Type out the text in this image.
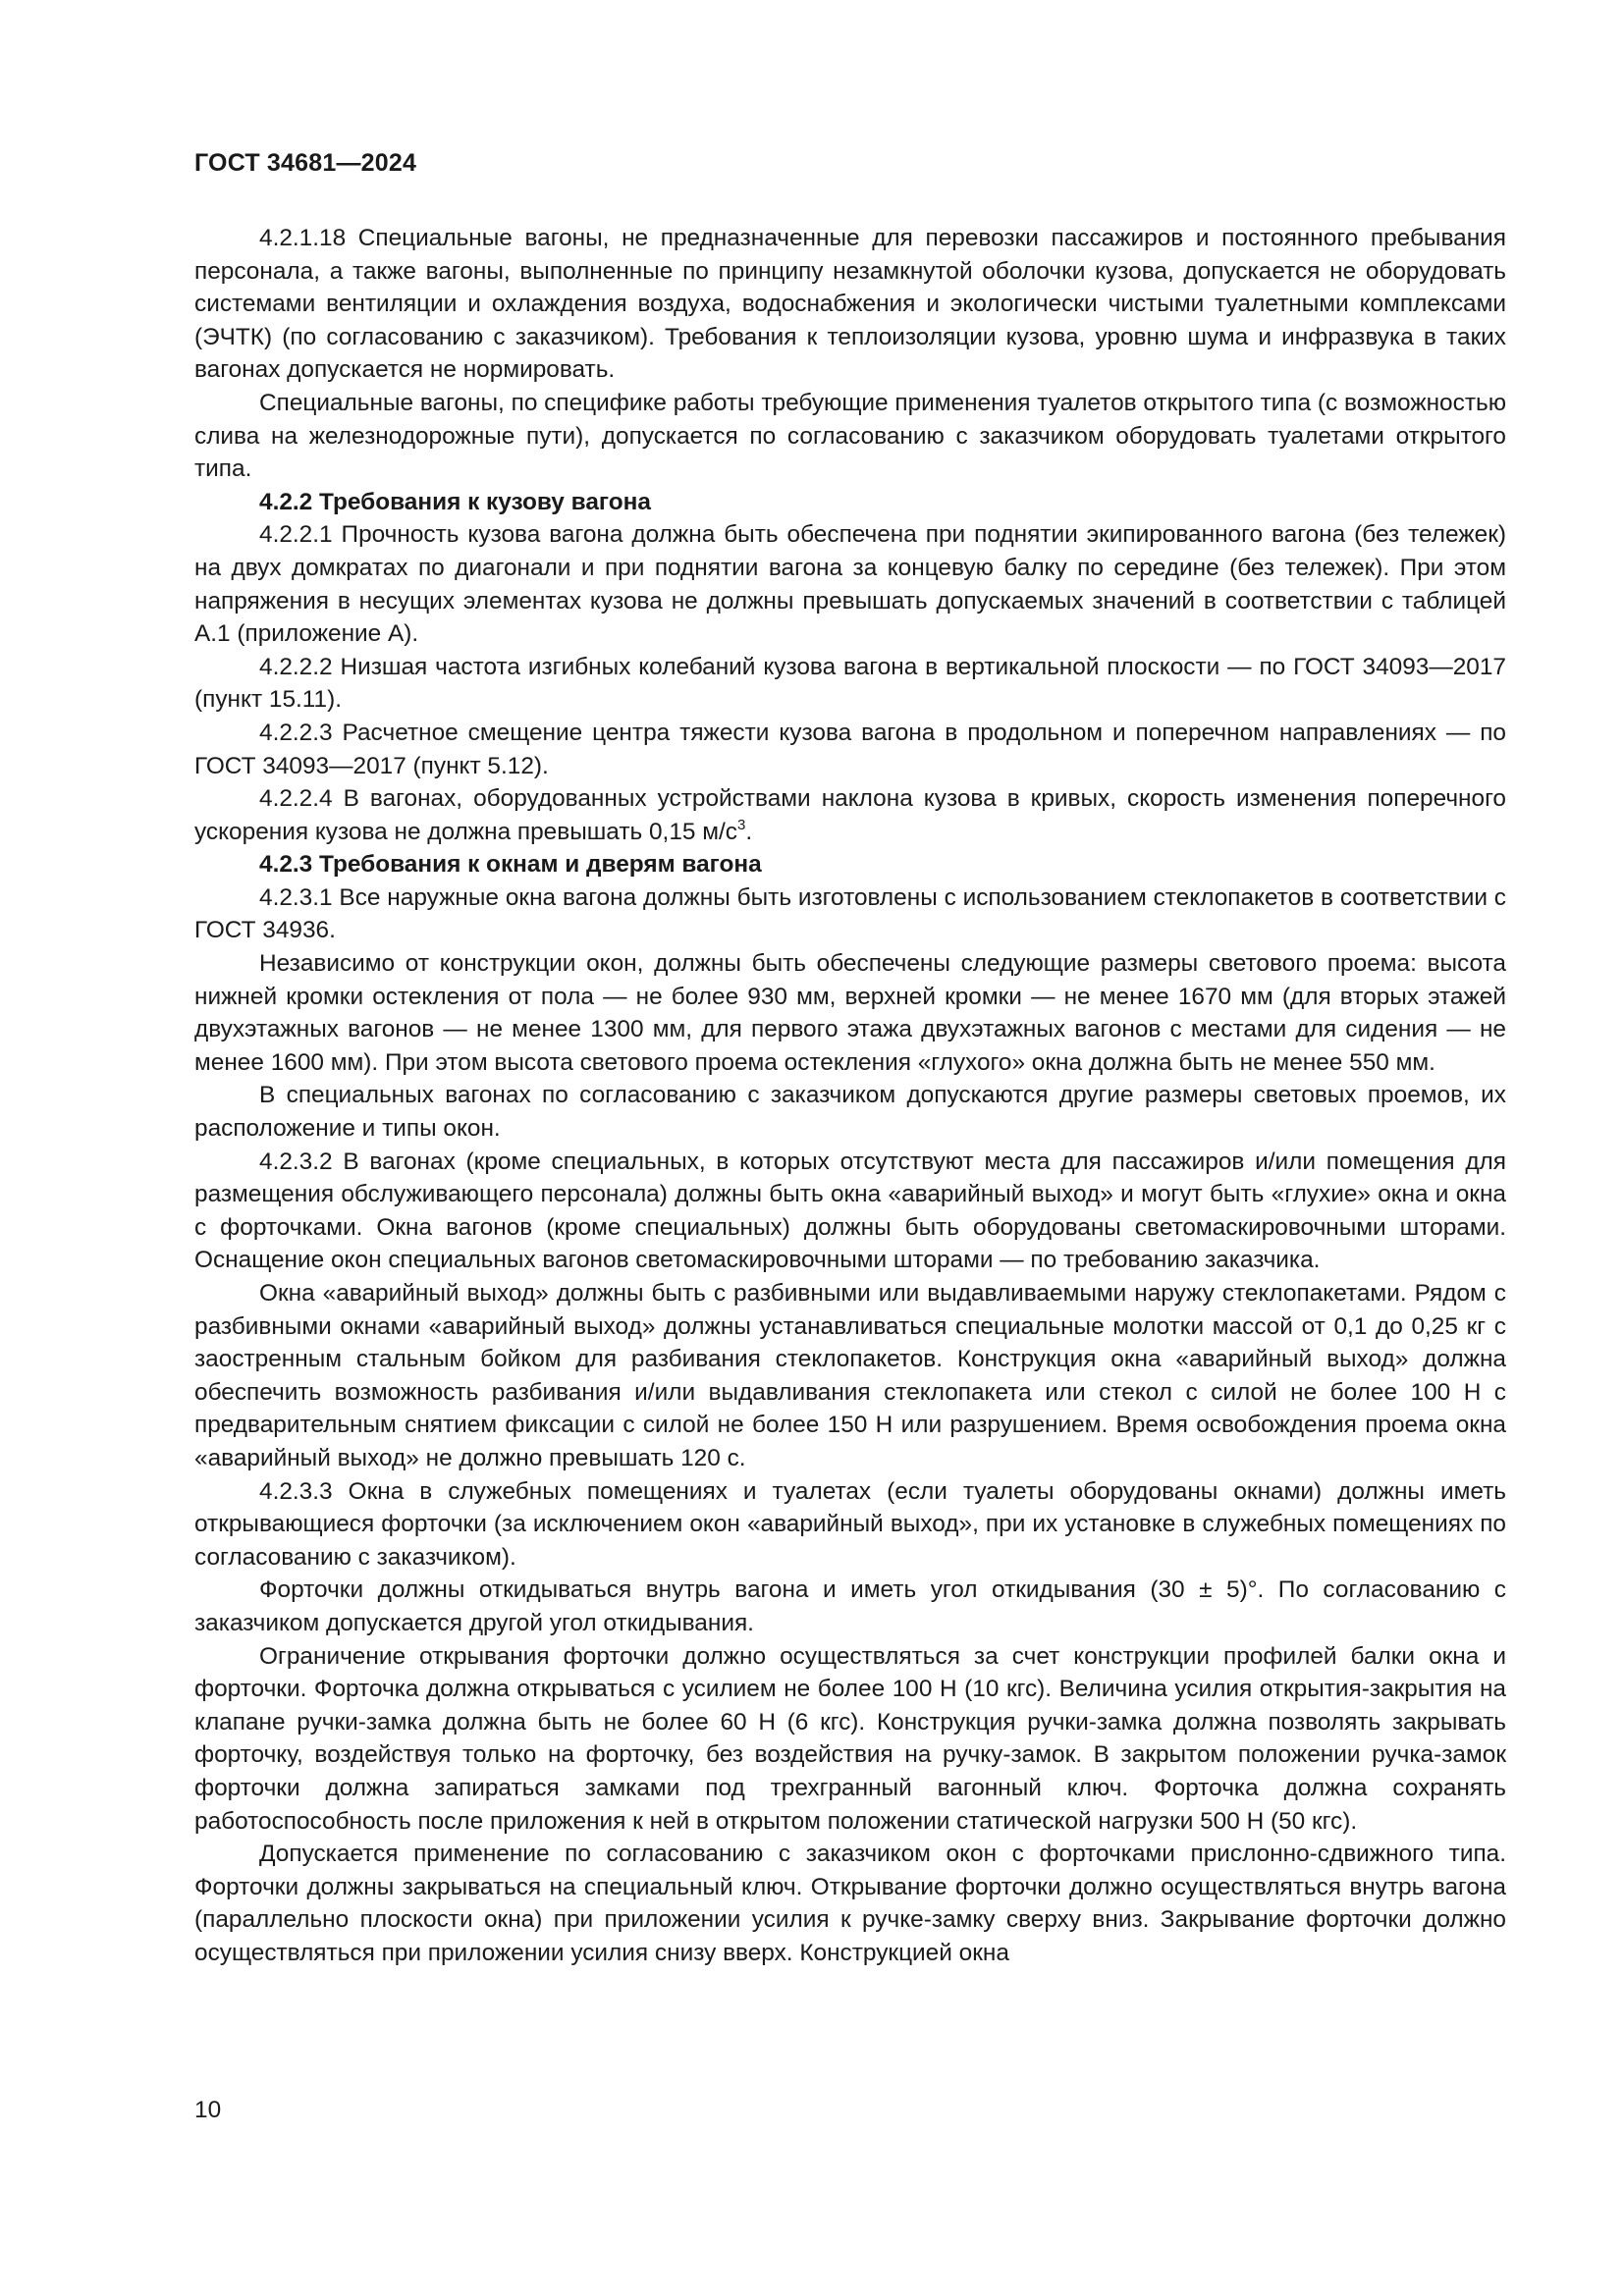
ГОСТ 34681—2024

4.2.1.18 Специальные вагоны, не предназначенные для перевозки пассажиров и постоянного пребывания персонала, а также вагоны, выполненные по принципу незамкнутой оболочки кузова, допускается не оборудовать системами вентиляции и охлаждения воздуха, водоснабжения и экологически чистыми туалетными комплексами (ЭЧТК) (по согласованию с заказчиком). Требования к теплоизоляции кузова, уровню шума и инфразвука в таких вагонах допускается не нормировать.

Специальные вагоны, по специфике работы требующие применения туалетов открытого типа (с возможностью слива на железнодорожные пути), допускается по согласованию с заказчиком оборудовать туалетами открытого типа.

4.2.2 Требования к кузову вагона

4.2.2.1 Прочность кузова вагона должна быть обеспечена при поднятии экипированного вагона (без тележек) на двух домкратах по диагонали и при поднятии вагона за концевую балку по середине (без тележек). При этом напряжения в несущих элементах кузова не должны превышать допускаемых значений в соответствии с таблицей А.1 (приложение А).

4.2.2.2 Низшая частота изгибных колебаний кузова вагона в вертикальной плоскости — по ГОСТ 34093—2017 (пункт 15.11).

4.2.2.3 Расчетное смещение центра тяжести кузова вагона в продольном и поперечном направлениях — по ГОСТ 34093—2017 (пункт 5.12).

4.2.2.4 В вагонах, оборудованных устройствами наклона кузова в кривых, скорость изменения поперечного ускорения кузова не должна превышать 0,15 $м/с^3$.

4.2.3 Требования к окнам и дверям вагона

4.2.3.1 Все наружные окна вагона должны быть изготовлены с использованием стеклопакетов в соответствии с ГОСТ 34936.

Независимо от конструкции окон, должны быть обеспечены следующие размеры светового проема: высота нижней кромки остекления от пола — не более 930 мм, верхней кромки — не менее 1670 мм (для вторых этажей двухэтажных вагонов — не менее 1300 мм, для первого этажа двухэтажных вагонов с местами для сидения — не менее 1600 мм). При этом высота светового проема остекления «глухого» окна должна быть не менее 550 мм.

В специальных вагонах по согласованию с заказчиком допускаются другие размеры световых проемов, их расположение и типы окон.

4.2.3.2 В вагонах (кроме специальных, в которых отсутствуют места для пассажиров и/или помещения для размещения обслуживающего персонала) должны быть окна «аварийный выход» и могут быть «глухие» окна и окна с форточками. Окна вагонов (кроме специальных) должны быть оборудованы светомаскировочными шторами. Оснащение окон специальных вагонов светомаскировочными шторами — по требованию заказчика.

Окна «аварийный выход» должны быть с разбивными или выдавливаемыми наружу стеклопакетами. Рядом с разбивными окнами «аварийный выход» должны устанавливаться специальные молотки массой от 0,1 до 0,25 кг с заостренным стальным бойком для разбивания стеклопакетов. Конструкция окна «аварийный выход» должна обеспечить возможность разбивания и/или выдавливания стеклопакета или стекол с силой не более 100 Н с предварительным снятием фиксации с силой не более 150 Н или разрушением. Время освобождения проема окна «аварийный выход» не должно превышать 120 с.

4.2.3.3 Окна в служебных помещениях и туалетах (если туалеты оборудованы окнами) должны иметь открывающиеся форточки (за исключением окон «аварийный выход», при их установке в служебных помещениях по согласованию с заказчиком).

Форточки должны откидываться внутрь вагона и иметь угол откидывания (30 ± 5)°. По согласованию с заказчиком допускается другой угол откидывания.

Ограничение открывания форточки должно осуществляться за счет конструкции профилей балки окна и форточки. Форточка должна открываться с усилием не более 100 Н (10 кгс). Величина усилия открытия-закрытия на клапане ручки-замка должна быть не более 60 Н (6 кгс). Конструкция ручки-замка должна позволять закрывать форточку, воздействуя только на форточку, без воздействия на ручку-замок. В закрытом положении ручка-замок форточки должна запираться замками под трехгранный вагонный ключ. Форточка должна сохранять работоспособность после приложения к ней в открытом положении статической нагрузки 500 Н (50 кгс).

Допускается применение по согласованию с заказчиком окон с форточками прислонно-сдвижного типа. Форточки должны закрываться на специальный ключ. Открывание форточки должно осуществляться внутрь вагона (параллельно плоскости окна) при приложении усилия к ручке-замку сверху вниз. Закрывание форточки должно осуществляться при приложении усилия снизу вверх. Конструкцией окна

10
